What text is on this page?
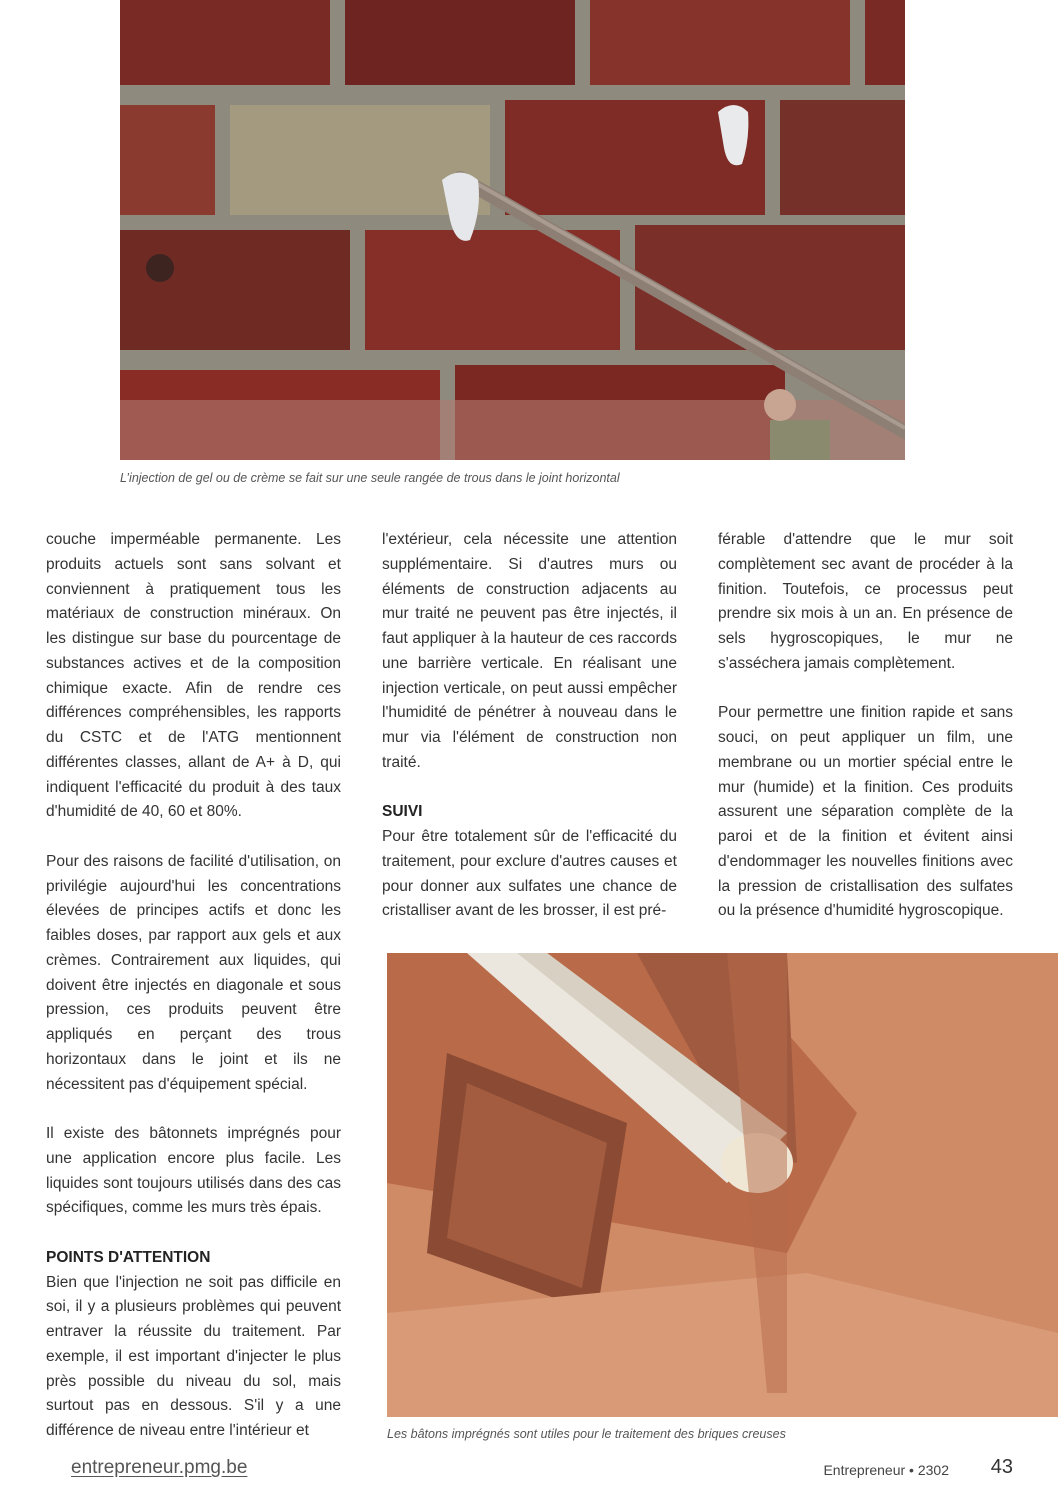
L’injection de gel ou de crème se fait sur une seule rangée de trous dans le joint horizontal

couche imperméable permanente. Les produits actuels sont sans solvant et conviennent à pratiquement tous les matériaux de construction minéraux. On les distingue sur base du pourcentage de substances actives et de la composition chimique exacte. Afin de rendre ces différences compréhensibles, les rapports du CSTC et de l'ATG mentionnent différentes classes, allant de A+ à D, qui indiquent l'efficacité du produit à des taux d'humidité de 40, 60 et 80%.

Pour des raisons de facilité d'utilisation, on privilégie aujourd'hui les concentrations élevées de principes actifs et donc les faibles doses, par rapport aux gels et aux crèmes. Contrairement aux liquides, qui doivent être injectés en diagonale et sous pression, ces produits peuvent être appliqués en perçant des trous horizontaux dans le joint et ils ne nécessitent pas d'équipement spécial.

Il existe des bâtonnets imprégnés pour une application encore plus facile. Les liquides sont toujours utilisés dans des cas spécifiques, comme les murs très épais.

POINTS D'ATTENTION

Bien que l'injection ne soit pas difficile en soi, il y a plusieurs problèmes qui peuvent entraver la réussite du traitement. Par exemple, il est important d'injecter le plus près possible du niveau du sol, mais surtout pas en dessous. S'il y a une différence de niveau entre l'intérieur et

l'extérieur, cela nécessite une attention supplémentaire. Si d'autres murs ou éléments de construction adjacents au mur traité ne peuvent pas être injectés, il faut appliquer à la hauteur de ces raccords une barrière verticale. En réalisant une injection verticale, on peut aussi empêcher l'humidité de pénétrer à nouveau dans le mur via l'élément de construction non traité.

SUIVI

Pour être totalement sûr de l'efficacité du traitement, pour exclure d'autres causes et pour donner aux sulfates une chance de cristalliser avant de les brosser, il est pré-

férable d'attendre que le mur soit complètement sec avant de procéder à la finition. Toutefois, ce processus peut prendre six mois à un an. En présence de sels hygroscopiques, le mur ne s'asséchera jamais complètement.

Pour permettre une finition rapide et sans souci, on peut appliquer un film, une membrane ou un mortier spécial entre le mur (humide) et la finition. Ces produits assurent une séparation complète de la paroi et de la finition et évitent ainsi d'endommager les nouvelles finitions avec la pression de cristallisation des sulfates ou la présence d'humidité hygroscopique.

Les bâtons imprégnés sont utiles pour le traitement des briques creuses
entrepreneur.pmg.be	Entrepreneur • 2302 43
